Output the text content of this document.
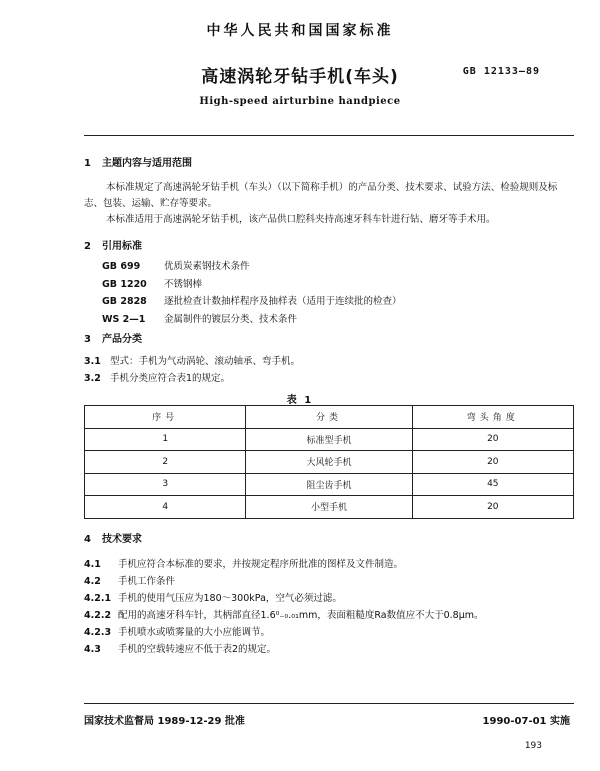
中华人民共和国国家标准
高速涡轮牙钻手机(车头)	GB 12133—89
High-speed airturbine handpiece
1 主题内容与适用范围
本标准规定了高速涡轮牙钻手机（车头）（以下简称手机）的产品分类、技术要求、试验方法、检验规则及标志、包装、运输、贮存等要求。
本标准适用于高速涡轮牙钻手机，该产品供口腔科夹持高速牙科车针进行钻、磨牙等手术用。
2 引用标准
GB 699	优质炭素钢技术条件
GB 1220 不锈钢棒
GB 2828 逐批检查计数抽样程序及抽样表（适用于连续批的检查）
WS 2—1 金属制件的镀层分类、技术条件
3 产品分类
3.1 型式：手机为气动涡轮、滚动轴承、弯手机。
3.2 手机分类应符合表1的规定。
表 1
序号	分类	弯头角度
1	标准型手机	20
2	大风轮手机	20
3	阻尘齿手机	45
4	小型手机	20
4 技术要求
4.1 手机应符合本标准的要求，并按规定程序所批准的图样及文件制造。
4.2 手机工作条件
4.2.1 手机的使用气压应为180～300kPa，空气必须过滤。
4.2.2 配用的高速牙科车针，其柄部直径1.6⁰₋₀.₀₁mm，表面粗糙度Ra数值应不大于0.8μm。
4.2.3 手机喷水或喷雾量的大小应能调节。
4.3 手机的空载转速应不低于表2的规定。
国家技术监督局 1989-12-29 批准	1990-07-01 实施
193
